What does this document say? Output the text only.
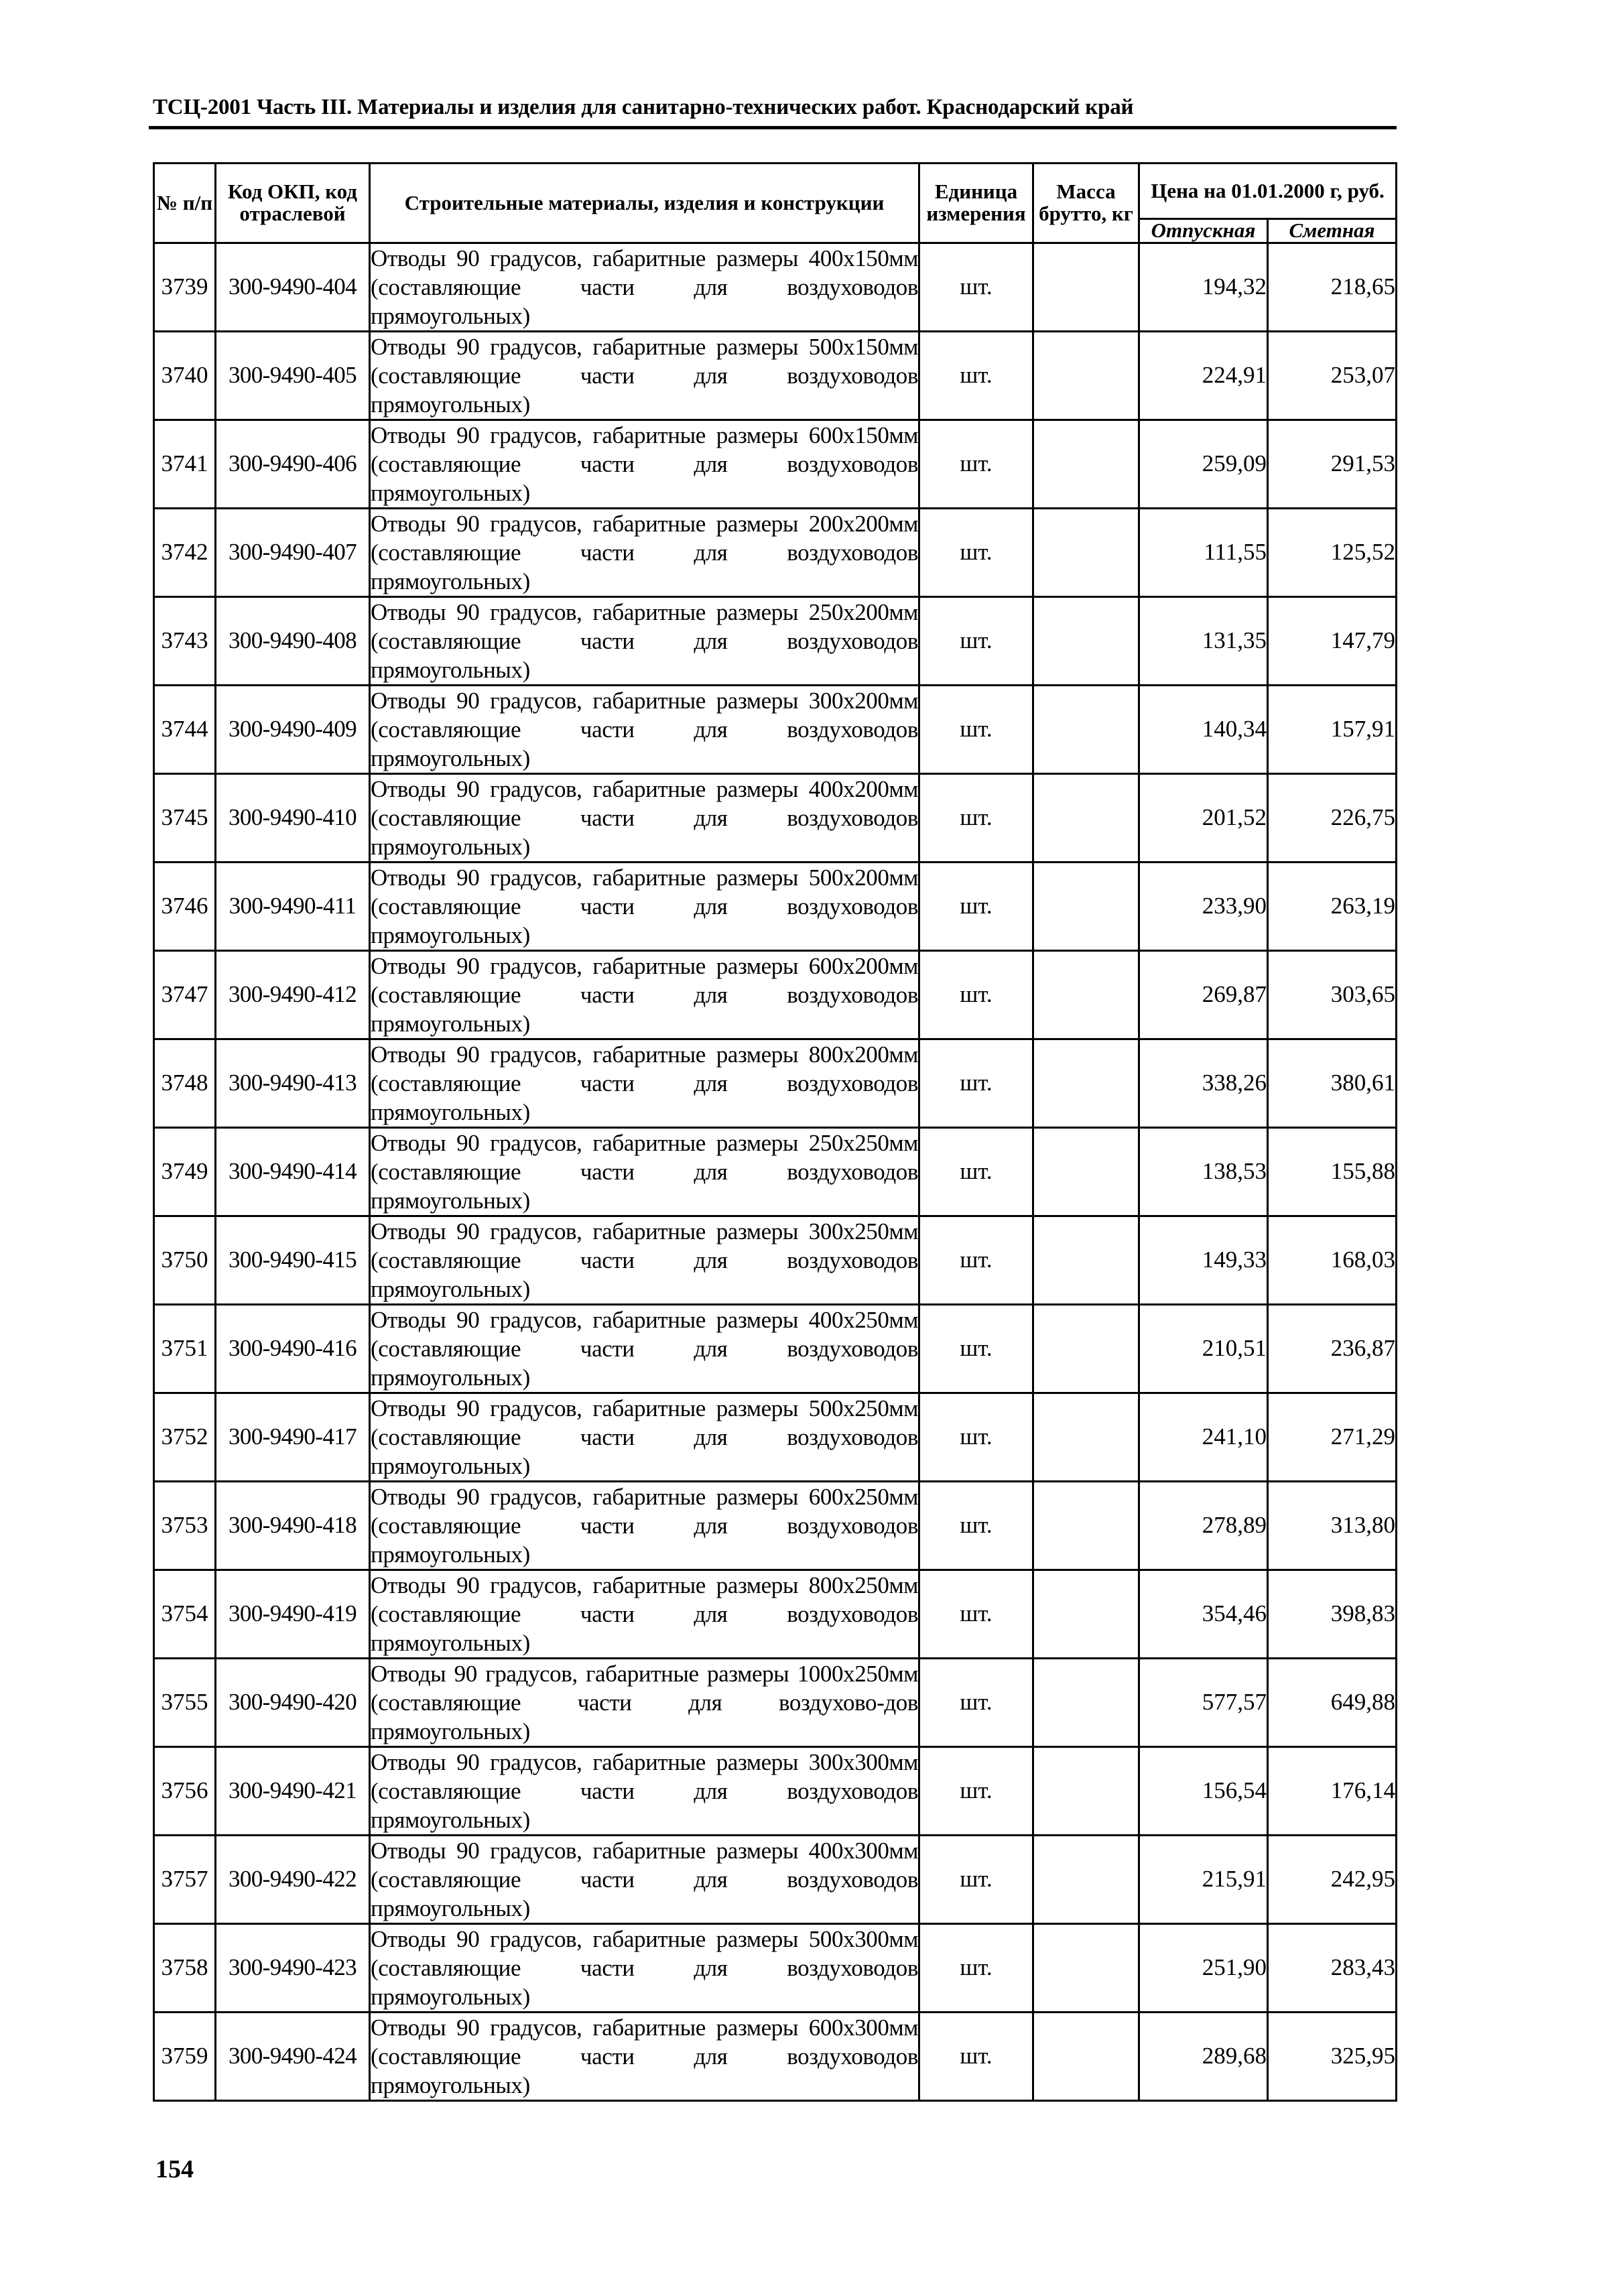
ТСЦ-2001 Часть III. Материалы и изделия для санитарно-технических работ. Краснодарский край
№ п/п	Код ОКП, код отраслевой	Строительные материалы, изделия и конструкции	Единица измерения	Масса брутто, кг	Цена на 01.01.2000 г, руб.	
					Отпускная	Сметная
3739	300-9490-404	Отводы 90 градусов, габаритные размеры 400x150мм (составляющие части для воздуховодов прямоугольных)	шт.		194,32	218,65
3740	300-9490-405	Отводы 90 градусов, габаритные размеры 500x150мм (составляющие части для воздуховодов прямоугольных)	шт.		224,91	253,07
3741	300-9490-406	Отводы 90 градусов, габаритные размеры 600x150мм (составляющие части для воздуховодов прямоугольных)	шт.		259,09	291,53
3742	300-9490-407	Отводы 90 градусов, габаритные размеры 200x200мм (составляющие части для воздуховодов прямоугольных)	шт.		111,55	125,52
3743	300-9490-408	Отводы 90 градусов, габаритные размеры 250x200мм (составляющие части для воздуховодов прямоугольных)	шт.		131,35	147,79
3744	300-9490-409	Отводы 90 градусов, габаритные размеры 300x200мм (составляющие части для воздуховодов прямоугольных)	шт.		140,34	157,91
3745	300-9490-410	Отводы 90 градусов, габаритные размеры 400x200мм (составляющие части для воздуховодов прямоугольных)	шт.		201,52	226,75
3746	300-9490-411	Отводы 90 градусов, габаритные размеры 500x200мм (составляющие части для воздуховодов прямоугольных)	шт.		233,90	263,19
3747	300-9490-412	Отводы 90 градусов, габаритные размеры 600x200мм (составляющие части для воздуховодов прямоугольных)	шт.		269,87	303,65
3748	300-9490-413	Отводы 90 градусов, габаритные размеры 800x200мм (составляющие части для воздуховодов прямоугольных)	шт.		338,26	380,61
3749	300-9490-414	Отводы 90 градусов, габаритные размеры 250x250мм (составляющие части для воздуховодов прямоугольных)	шт.		138,53	155,88
3750	300-9490-415	Отводы 90 градусов, габаритные размеры 300x250мм (составляющие части для воздуховодов прямоугольных)	шт.		149,33	168,03
3751	300-9490-416	Отводы 90 градусов, габаритные размеры 400x250мм (составляющие части для воздуховодов прямоугольных)	шт.		210,51	236,87
3752	300-9490-417	Отводы 90 градусов, габаритные размеры 500x250мм (составляющие части для воздуховодов прямоугольных)	шт.		241,10	271,29
3753	300-9490-418	Отводы 90 градусов, габаритные размеры 600x250мм (составляющие части для воздуховодов прямоугольных)	шт.		278,89	313,80
3754	300-9490-419	Отводы 90 градусов, габаритные размеры 800x250мм (составляющие части для воздуховодов прямоугольных)	шт.		354,46	398,83
3755	300-9490-420	Отводы 90 градусов, габаритные размеры 1000x250мм (составляющие части для воздухово-дов прямоугольных)	шт.		577,57	649,88
3756	300-9490-421	Отводы 90 градусов, габаритные размеры 300x300мм (составляющие части для воздуховодов прямоугольных)	шт.		156,54	176,14
3757	300-9490-422	Отводы 90 градусов, габаритные размеры 400x300мм (составляющие части для воздуховодов прямоугольных)	шт.		215,91	242,95
3758	300-9490-423	Отводы 90 градусов, габаритные размеры 500x300мм (составляющие части для воздуховодов прямоугольных)	шт.		251,90	283,43
3759	300-9490-424	Отводы 90 градусов, габаритные размеры 600x300мм (составляющие части для воздуховодов прямоугольных)	шт.		289,68	325,95
154
